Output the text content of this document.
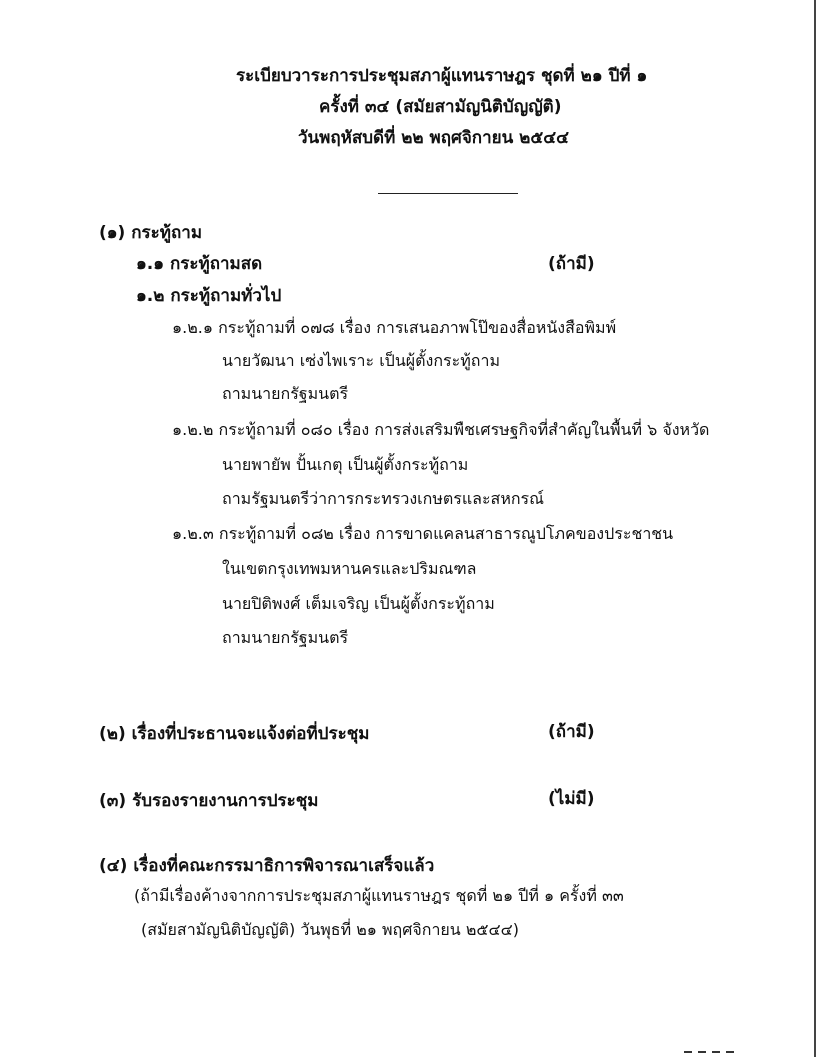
ระเบียบวาระการประชุมสภาผู้แทนราษฎร ชุดที่ ๒๑ ปีที่ ๑
ครั้งที่ ๓๔ (สมัยสามัญนิติบัญญัติ)
วันพฤหัสบดีที่ ๒๒ พฤศจิกายน ๒๕๔๔
(๑) กระทู้ถาม
๑.๑ กระทู้ถามสด	(ถ้ามี)
๑.๒ กระทู้ถามทั่วไป
๑.๒.๑ กระทู้ถามที่ ๐๗๘ เรื่อง การเสนอภาพโป๊ของสื่อหนังสือพิมพ์
นายวัฒนา เซ่งไพเราะ เป็นผู้ตั้งกระทู้ถาม
ถามนายกรัฐมนตรี
๑.๒.๒ กระทู้ถามที่ ๐๘๐ เรื่อง การส่งเสริมพืชเศรษฐกิจที่สำคัญในพื้นที่ ๖ จังหวัด
นายพายัพ ปั้นเกตุ เป็นผู้ตั้งกระทู้ถาม
ถามรัฐมนตรีว่าการกระทรวงเกษตรและสหกรณ์
๑.๒.๓ กระทู้ถามที่ ๐๘๒ เรื่อง การขาดแคลนสาธารณูปโภคของประชาชน
ในเขตกรุงเทพมหานครและปริมณฑล
นายปิติพงศ์ เต็มเจริญ เป็นผู้ตั้งกระทู้ถาม
ถามนายกรัฐมนตรี
(๒) เรื่องที่ประธานจะแจ้งต่อที่ประชุม	(ถ้ามี)
(๓) รับรองรายงานการประชุม	(ไม่มี)
(๔) เรื่องที่คณะกรรมาธิการพิจารณาเสร็จแล้ว
(ถ้ามีเรื่องค้างจากการประชุมสภาผู้แทนราษฎร ชุดที่ ๒๑ ปีที่ ๑ ครั้งที่ ๓๓
(สมัยสามัญนิติบัญญัติ) วันพุธที่ ๒๑ พฤศจิกายน ๒๕๔๔)
